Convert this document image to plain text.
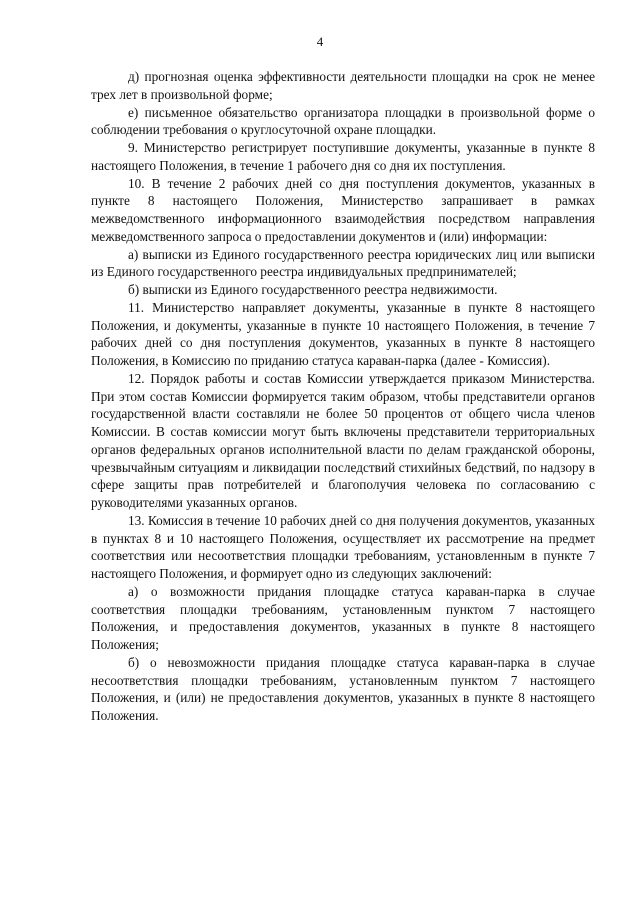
4

д) прогнозная оценка эффективности деятельности площадки на срок не менее трех лет в произвольной форме;

е) письменное обязательство организатора площадки в произвольной форме о соблюдении требования о круглосуточной охране площадки.

9. Министерство регистрирует поступившие документы, указанные в пункте 8 настоящего Положения, в течение 1 рабочего дня со дня их поступления.

10. В течение 2 рабочих дней со дня поступления документов, указанных в пункте 8 настоящего Положения, Министерство запрашивает в рамках межведомственного информационного взаимодействия посредством направления межведомственного запроса о предоставлении документов и (или) информации:

а) выписки из Единого государственного реестра юридических лиц или выписки из Единого государственного реестра индивидуальных предпринимателей;

б) выписки из Единого государственного реестра недвижимости.

11. Министерство направляет документы, указанные в пункте 8 настоящего Положения, и документы, указанные в пункте 10 настоящего Положения, в течение 7 рабочих дней со дня поступления документов, указанных в пункте 8 настоящего Положения, в Комиссию по приданию статуса караван-парка (далее - Комиссия).

12. Порядок работы и состав Комиссии утверждается приказом Министерства. При этом состав Комиссии формируется таким образом, чтобы представители органов государственной власти составляли не более 50 процентов от общего числа членов Комиссии. В состав комиссии могут быть включены представители территориальных органов федеральных органов исполнительной власти по делам гражданской обороны, чрезвычайным ситуациям и ликвидации последствий стихийных бедствий, по надзору в сфере защиты прав потребителей и благополучия человека по согласованию с руководителями указанных органов.

13. Комиссия в течение 10 рабочих дней со дня получения документов, указанных в пунктах 8 и 10 настоящего Положения, осуществляет их рассмотрение на предмет соответствия или несоответствия площадки требованиям, установленным в пункте 7 настоящего Положения, и формирует одно из следующих заключений:

а) о возможности придания площадке статуса караван-парка в случае соответствия площадки требованиям, установленным пунктом 7 настоящего Положения, и предоставления документов, указанных в пункте 8 настоящего Положения;

б) о невозможности придания площадке статуса караван-парка в случае несоответствия площадки требованиям, установленным пунктом 7 настоящего Положения, и (или) не предоставления документов, указанных в пункте 8 настоящего Положения.
